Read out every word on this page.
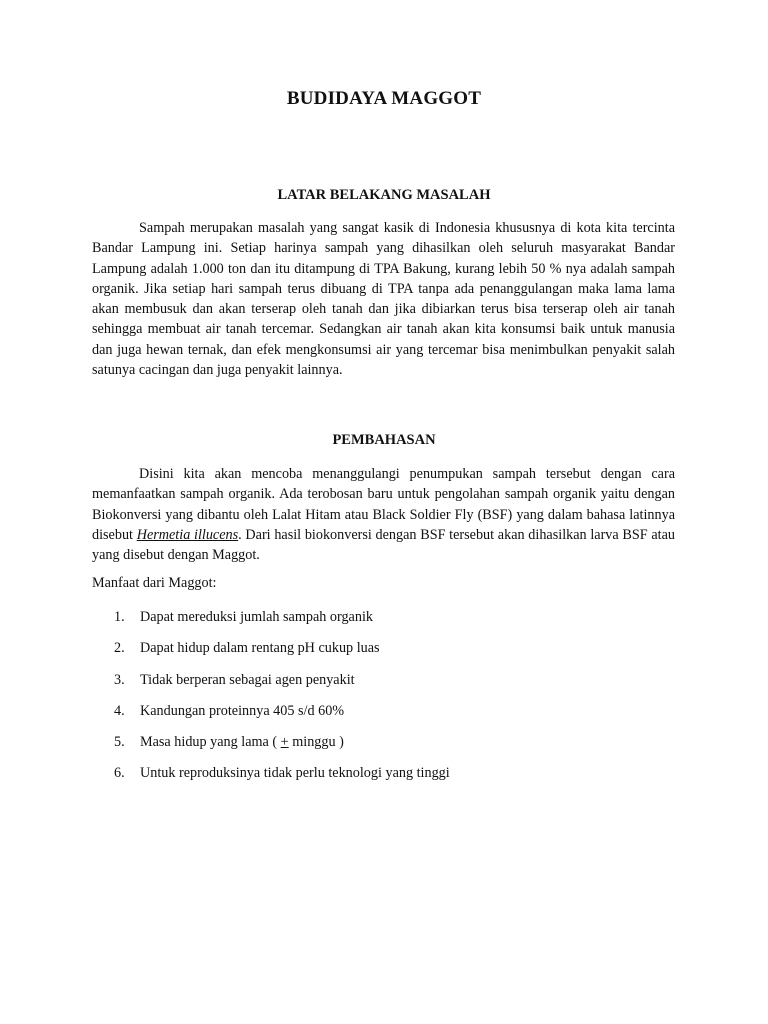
BUDIDAYA MAGGOT
LATAR BELAKANG MASALAH

Sampah merupakan masalah yang sangat kasik di Indonesia khususnya di kota kita tercinta Bandar Lampung ini. Setiap harinya sampah yang dihasilkan oleh seluruh masyarakat Bandar Lampung adalah 1.000 ton dan itu ditampung di TPA Bakung, kurang lebih 50 % nya adalah sampah organik. Jika setiap hari sampah terus dibuang di TPA tanpa ada penanggulangan maka lama lama akan membusuk dan akan terserap oleh tanah dan jika dibiarkan terus bisa terserap oleh air tanah sehingga membuat air tanah tercemar. Sedangkan air tanah akan kita konsumsi baik untuk manusia dan juga hewan ternak, dan efek mengkonsumsi air yang tercemar bisa menimbulkan penyakit salah satunya cacingan dan juga penyakit lainnya.

PEMBAHASAN

Disini kita akan mencoba menanggulangi penumpukan sampah tersebut dengan cara memanfaatkan sampah organik. Ada terobosan baru untuk pengolahan sampah organik yaitu dengan Biokonversi yang dibantu oleh Lalat Hitam atau Black Soldier Fly (BSF) yang dalam bahasa latinnya disebut Hermetia illucens. Dari hasil biokonversi dengan BSF tersebut akan dihasilkan larva BSF atau yang disebut dengan Maggot.

Manfaat dari Maggot:

1.	Dapat mereduksi jumlah sampah organik
2.	Dapat hidup dalam rentang pH cukup luas
3.	Tidak berperan sebagai agen penyakit
4.	Kandungan proteinnya 405 s/d 60%
5.	Masa hidup yang lama ( + minggu )
6.	Untuk reproduksinya tidak perlu teknologi yang tinggi
